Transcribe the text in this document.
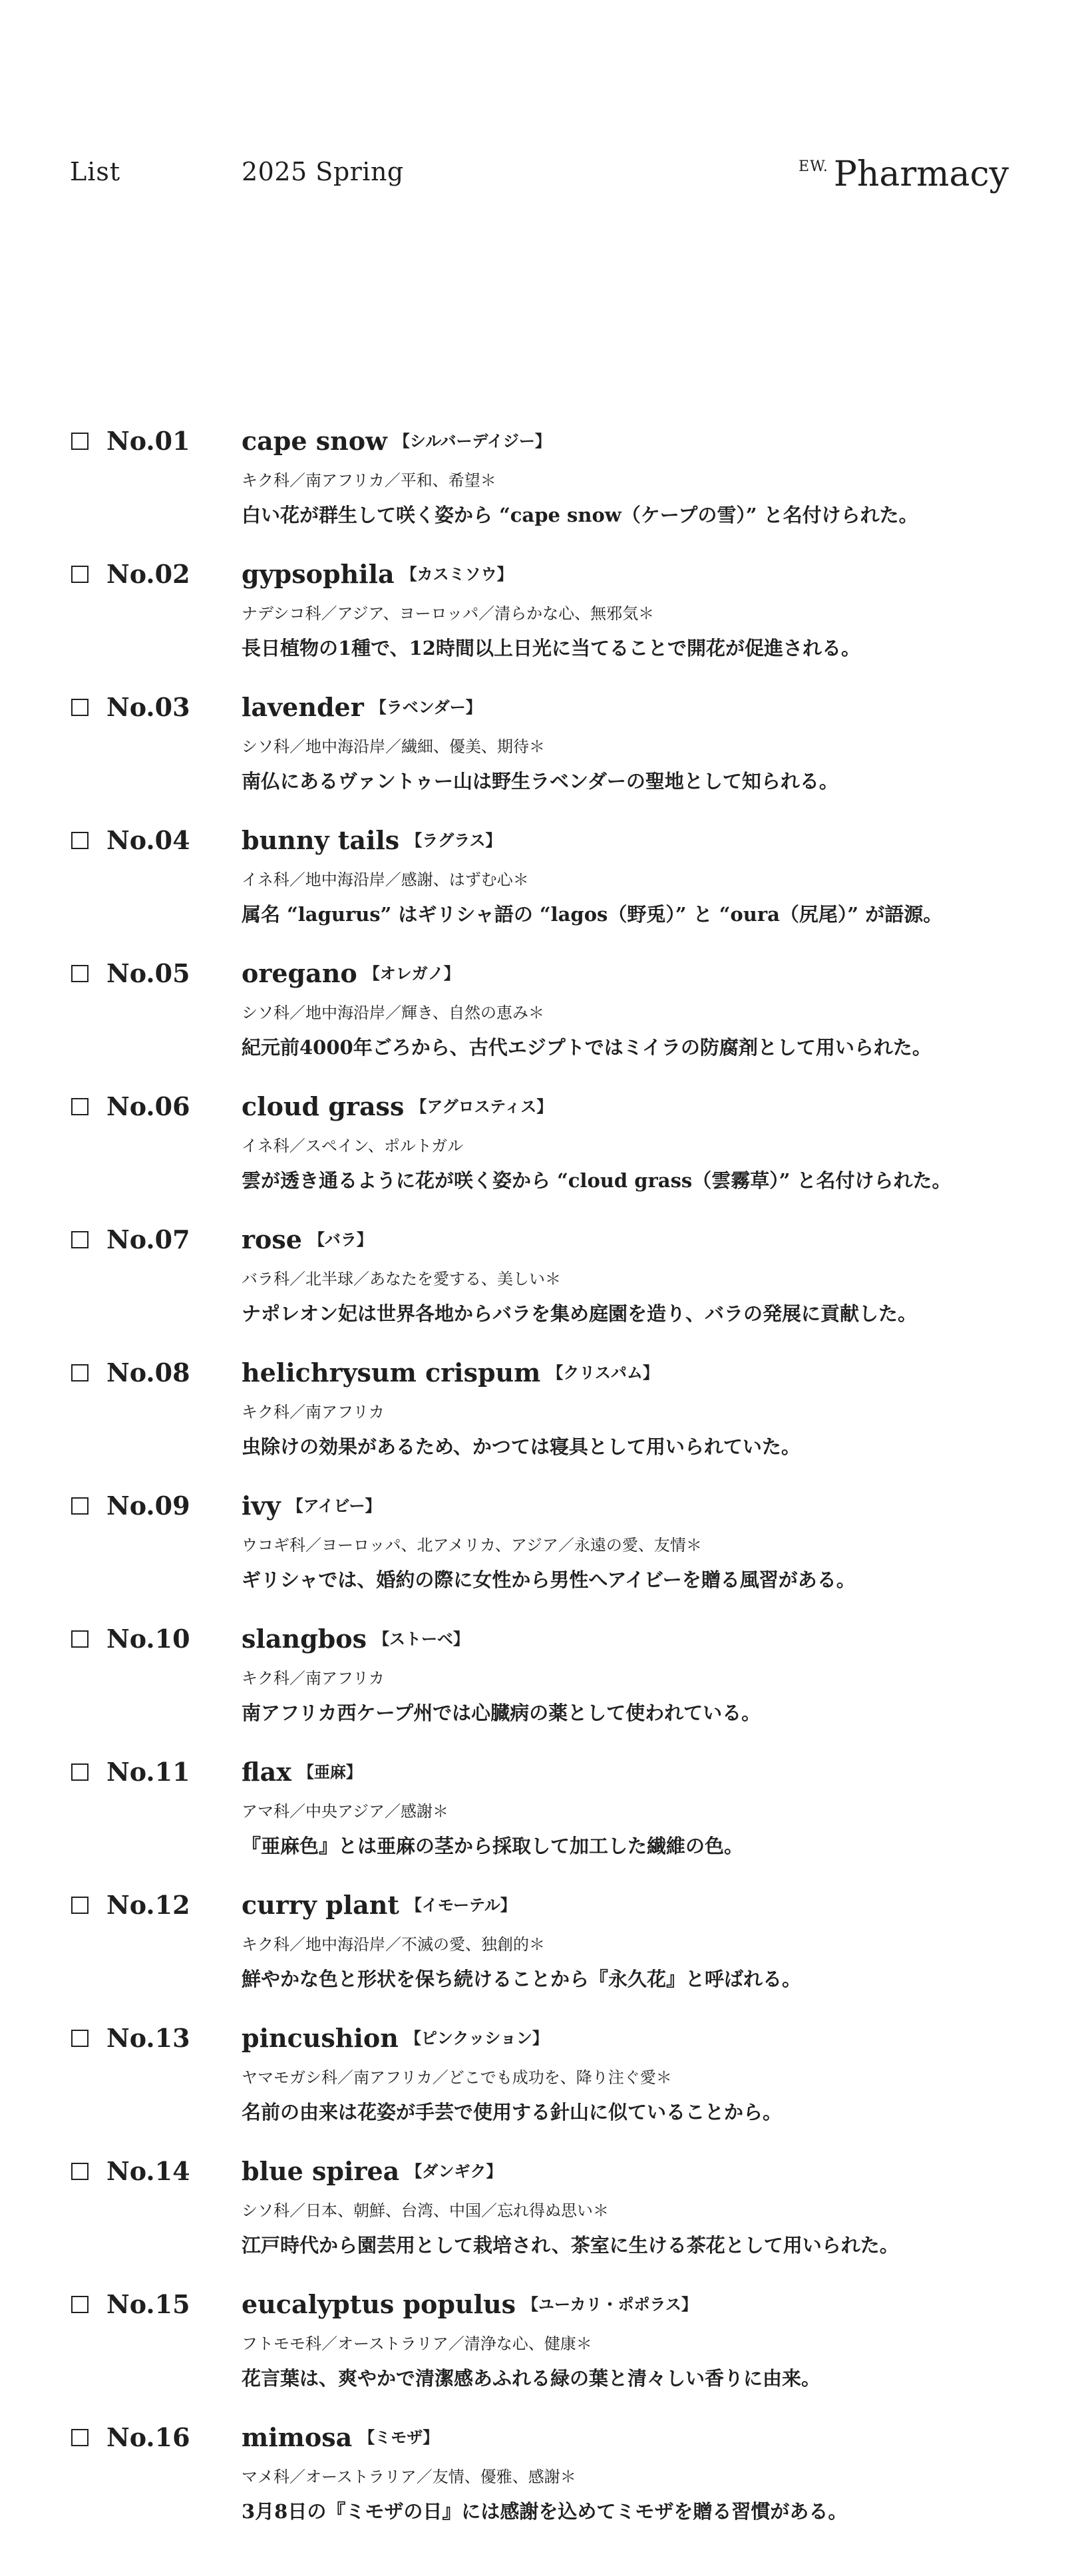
List	2025 Spring	$^{EW.}$ Pharmacy
No.01 cape snow 【シルバーデイジー】
キク科／南アフリカ／平和、希望＊
白い花が群生して咲く姿から “cape snow（ケープの雪）” と名付けられた。
No.02 gypsophila 【カスミソウ】
ナデシコ科／アジア、ヨーロッパ／清らかな心、無邪気＊
長日植物の1種で、12時間以上日光に当てることで開花が促進される。
No.03 lavender 【ラベンダー】
シソ科／地中海沿岸／繊細、優美、期待＊
南仏にあるヴァントゥー山は野生ラベンダーの聖地として知られる。
No.04 bunny tails 【ラグラス】
イネ科／地中海沿岸／感謝、はずむ心＊
属名 “lagurus” はギリシャ語の “lagos（野兎）” と “oura（尻尾）” が語源。
No.05 oregano 【オレガノ】
シソ科／地中海沿岸／輝き、自然の恵み＊
紀元前4000年ごろから、古代エジプトではミイラの防腐剤として用いられた。
No.06 cloud grass 【アグロスティス】
イネ科／スペイン、ポルトガル
雲が透き通るように花が咲く姿から “cloud grass（雲霧草）” と名付けられた。
No.07 rose 【バラ】
バラ科／北半球／あなたを愛する、美しい＊
ナポレオン妃は世界各地からバラを集め庭園を造り、バラの発展に貢献した。
No.08 helichrysum crispum 【クリスパム】
キク科／南アフリカ
虫除けの効果があるため、かつては寝具として用いられていた。
No.09 ivy 【アイビー】
ウコギ科／ヨーロッパ、北アメリカ、アジア／永遠の愛、友情＊
ギリシャでは、婚約の際に女性から男性へアイビーを贈る風習がある。
No.10 slangbos 【ストーベ】
キク科／南アフリカ
南アフリカ西ケープ州では心臓病の薬として使われている。
No.11 flax 【亜麻】
アマ科／中央アジア／感謝＊
『亜麻色』とは亜麻の茎から採取して加工した繊維の色。
No.12 curry plant 【イモーテル】
キク科／地中海沿岸／不滅の愛、独創的＊
鮮やかな色と形状を保ち続けることから『永久花』と呼ばれる。
No.13 pincushion 【ピンクッション】
ヤマモガシ科／南アフリカ／どこでも成功を、降り注ぐ愛＊
名前の由来は花姿が手芸で使用する針山に似ていることから。
No.14 blue spirea 【ダンギク】
シソ科／日本、朝鮮、台湾、中国／忘れ得ぬ思い＊
江戸時代から園芸用として栽培され、茶室に生ける茶花として用いられた。
No.15 eucalyptus populus 【ユーカリ・ポポラス】
フトモモ科／オーストラリア／清浄な心、健康＊
花言葉は、爽やかで清潔感あふれる緑の葉と清々しい香りに由来。
No.16 mimosa 【ミモザ】
マメ科／オーストラリア／友情、優雅、感謝＊
3月8日の『ミモザの日』には感謝を込めてミモザを贈る習慣がある。
